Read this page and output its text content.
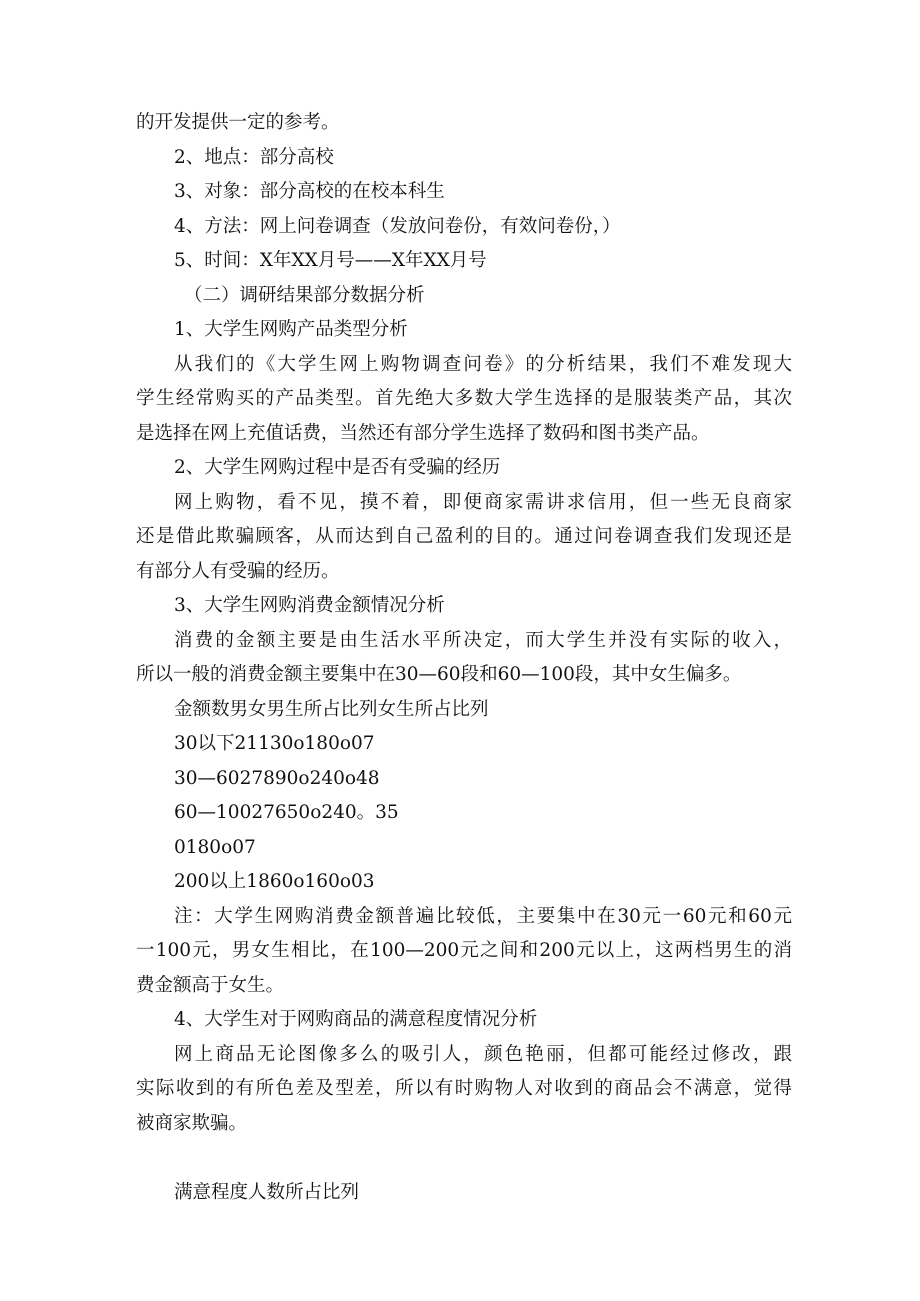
的开发提供一定的参考。
2、地点：部分高校
3、对象：部分高校的在校本科生
4、方法：网上问卷调查（发放问卷份，有效问卷份，）
5、时间：X年XX月号——X年XX月号
（二）调研结果部分数据分析
1、大学生网购产品类型分析
从我们的《大学生网上购物调查问卷》的分析结果，我们不难发现大
学生经常购买的产品类型。首先绝大多数大学生选择的是服装类产品，其次
是选择在网上充值话费，当然还有部分学生选择了数码和图书类产品。
2、大学生网购过程中是否有受骗的经历
网上购物，看不见，摸不着，即便商家需讲求信用，但一些无良商家
还是借此欺骗顾客，从而达到自己盈利的目的。通过问卷调查我们发现还是
有部分人有受骗的经历。
3、大学生网购消费金额情况分析
消费的金额主要是由生活水平所决定，而大学生并没有实际的收入，
所以一般的消费金额主要集中在30—60段和60—100段，其中女生偏多。
金额数男女男生所占比列女生所占比列
30以下21130o180o07
30—6027890o240o48
60—10027650o240。35
0180o07
200以上1860o160o03
注：大学生网购消费金额普遍比较低，主要集中在30元一60元和60元
一100元，男女生相比，在100—200元之间和200元以上，这两档男生的消
费金额高于女生。
4、大学生对于网购商品的满意程度情况分析
网上商品无论图像多么的吸引人，颜色艳丽，但都可能经过修改，跟
实际收到的有所色差及型差，所以有时购物人对收到的商品会不满意，觉得
被商家欺骗。
满意程度人数所占比列
